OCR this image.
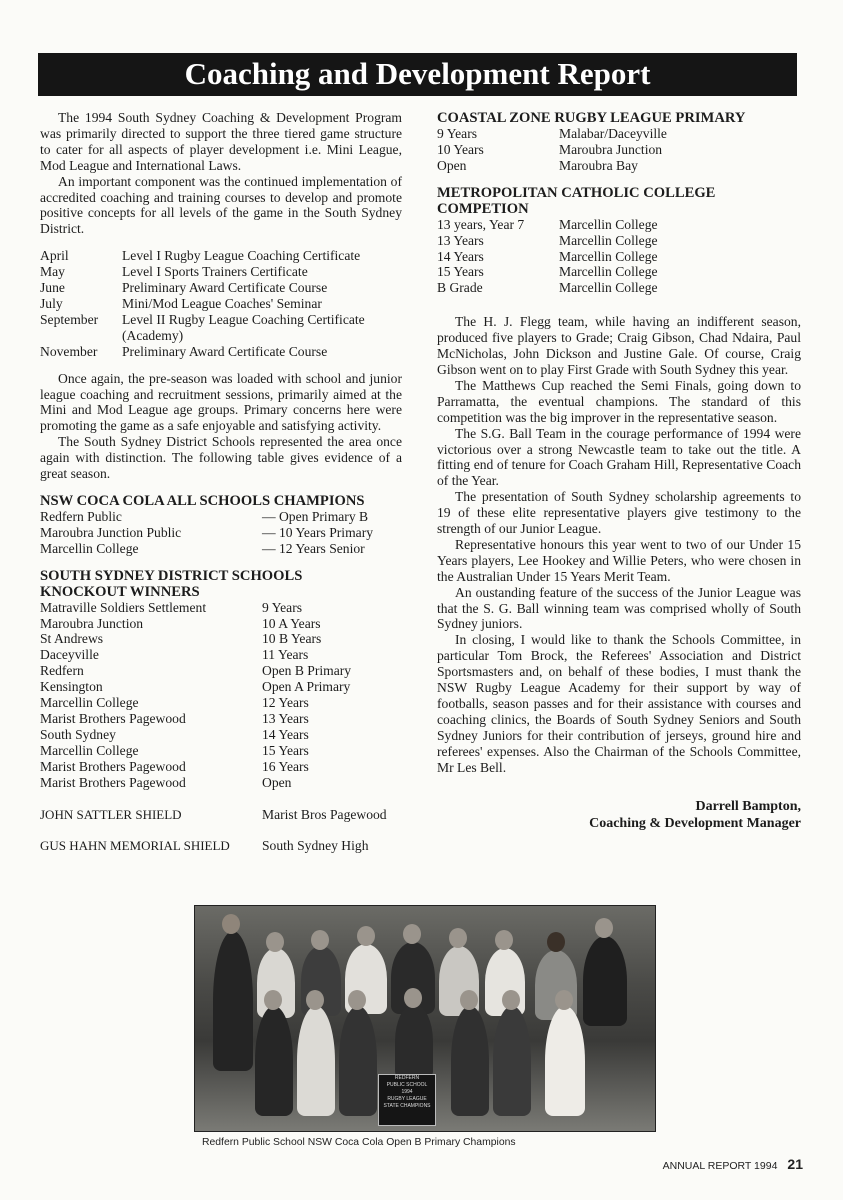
Coaching and Development Report

The 1994 South Sydney Coaching & Development Program was primarily directed to support the three tiered game structure to cater for all aspects of player development i.e. Mini League, Mod League and International Laws.

An important component was the continued implementation of accredited coaching and training courses to develop and promote positive concepts for all levels of the game in the South Sydney District.

April	Level I Rugby League Coaching Certificate
May	Level I Sports Trainers Certificate
June	Preliminary Award Certificate Course
July	Mini/Mod League Coaches' Seminar
September	Level II Rugby League Coaching Certificate (Academy)
November	Preliminary Award Certificate Course

Once again, the pre-season was loaded with school and junior league coaching and recruitment sessions, primarily aimed at the Mini and Mod League age groups. Primary concerns here were promoting the game as a safe enjoyable and satisfying activity.

The South Sydney District Schools represented the area once again with distinction. The following table gives evidence of a great season.

NSW COCA COLA ALL SCHOOLS CHAMPIONS
Redfern Public	— Open Primary B
Maroubra Junction Public	— 10 Years Primary
Marcellin College	— 12 Years Senior
SOUTH SYDNEY DISTRICT SCHOOLS
KNOCKOUT WINNERS
Matraville Soldiers Settlement	9 Years
Maroubra Junction	10 A Years
St Andrews	10 B Years
Daceyville	11 Years
Redfern	Open B Primary
Kensington	Open A Primary
Marcellin College	12 Years
Marist Brothers Pagewood	13 Years
South Sydney	14 Years
Marcellin College	15 Years
Marist Brothers Pagewood	16 Years
Marist Brothers Pagewood	Open
JOHN SATTLER SHIELD	Marist Bros Pagewood
GUS HAHN MEMORIAL SHIELD	South Sydney High
COASTAL ZONE RUGBY LEAGUE PRIMARY
9 Years	Malabar/Daceyville
10 Years	Maroubra Junction
Open	Maroubra Bay
METROPOLITAN CATHOLIC COLLEGE
COMPETION
13 years, Year 7	Marcellin College
13 Years	Marcellin College
14 Years	Marcellin College
15 Years	Marcellin College
B Grade	Marcellin College

The H. J. Flegg team, while having an indifferent season, produced five players to Grade; Craig Gibson, Chad Ndaira, Paul McNicholas, John Dickson and Justine Gale. Of course, Craig Gibson went on to play First Grade with South Sydney this year.

The Matthews Cup reached the Semi Finals, going down to Parramatta, the eventual champions. The standard of this competition was the big improver in the representative season.

The S.G. Ball Team in the courage performance of 1994 were victorious over a strong Newcastle team to take out the title. A fitting end of tenure for Coach Graham Hill, Representative Coach of the Year.

The presentation of South Sydney scholarship agreements to 19 of these elite representative players give testimony to the strength of our Junior League.

Representative honours this year went to two of our Under 15 Years players, Lee Hookey and Willie Peters, who were chosen in the Australian Under 15 Years Merit Team.

An oustanding feature of the success of the Junior League was that the S. G. Ball winning team was comprised wholly of South Sydney juniors.

In closing, I would like to thank the Schools Committee, in particular Tom Brock, the Referees' Association and District Sportsmasters and, on behalf of these bodies, I must thank the NSW Rugby League Academy for their support by way of footballs, season passes and for their assistance with courses and coaching clinics, the Boards of South Sydney Seniors and South Sydney Juniors for their contribution of jerseys, ground hire and referees' expenses. Also the Chairman of the Schools Committee, Mr Les Bell.

Darrell Bampton,
Coaching & Development Manager
REDFERN
PUBLIC SCHOOL
1994
RUGBY LEAGUE
STATE CHAMPIONS
Redfern Public School NSW Coca Cola Open B Primary Champions
ANNUAL REPORT 1994 21
